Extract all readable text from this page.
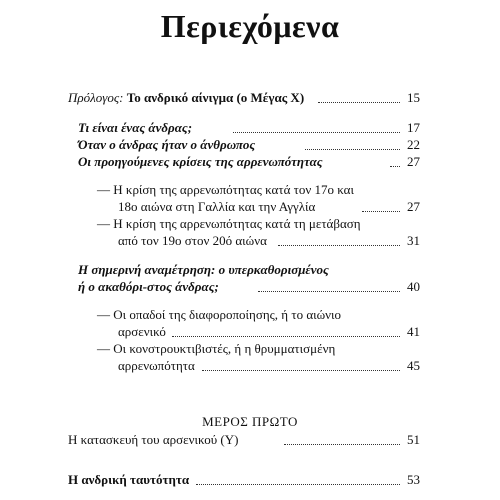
Περιεχόμενα
Πρόλογος: Το ανδρικό αίνιγμα (ο Μέγας Χ)	15
Τι είναι ένας άνδρας;	17
Όταν ο άνδρας ήταν ο άνθρωπος	22
Οι προηγούμενες κρίσεις της αρρενωπότητας	27
— Η κρίση της αρρενωπότητας κατά τον 17ο και
18ο αιώνα στη Γαλλία και την Αγγλία	27
— Η κρίση της αρρενωπότητας κατά τη μετάβαση
από τον 19ο στον 20ό αιώνα	31
Η σημερινή αναμέτρηση: ο υπερκαθορισμένος
ή ο ακαθόρι-στος άνδρας;	40
— Οι οπαδοί της διαφοροποίησης, ή το αιώνιο
αρσενικό	41
— Οι κονστρουκτιβιστές, ή η θρυμματισμένη
αρρενωπότητα	45
ΜΕΡΟΣ ΠΡΩΤΟ
Η κατασκευή του αρσενικού (Υ)	51
Η ανδρική ταυτότητα	53
